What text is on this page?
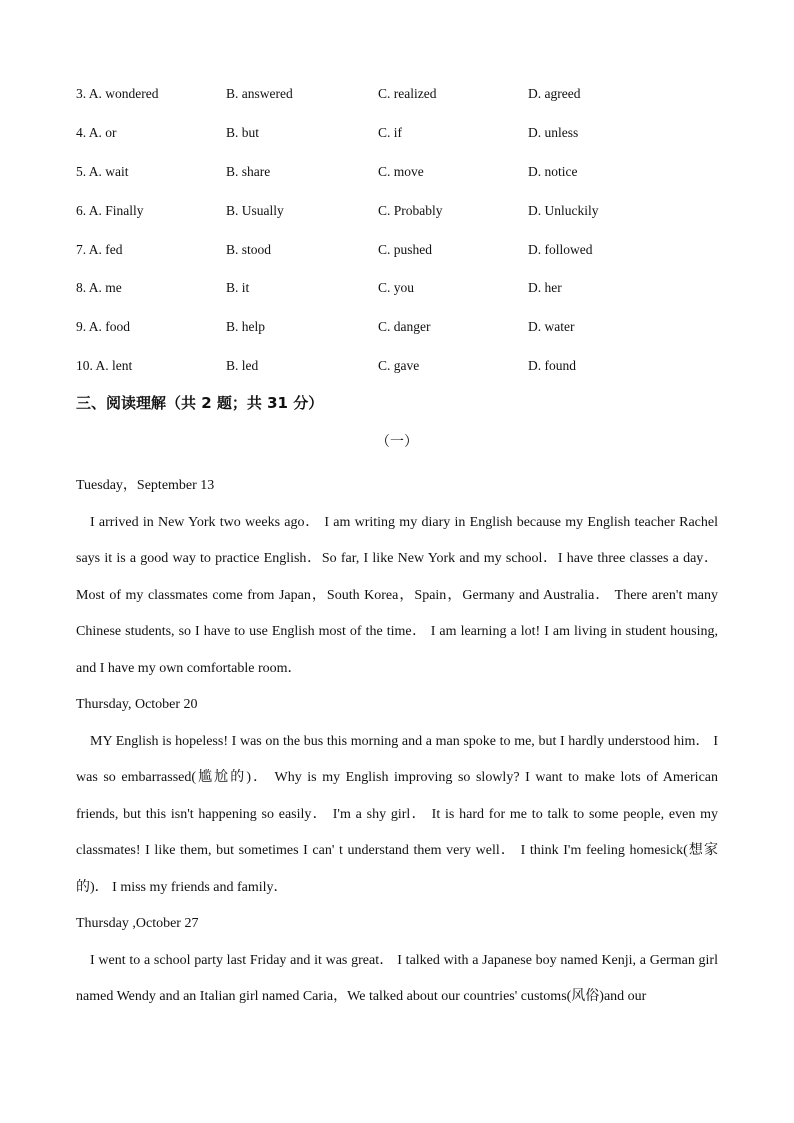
3. A. wondered	B. answered	C. realized	D. agreed
4. A. or	B. but	C. if	D. unless
5. A. wait	B. share	C. move	D. notice
6. A. Finally	B. Usually	C. Probably	D. Unluckily
7. A. fed	B. stood	C. pushed	D. followed
8. A. me	B. it	C. you	D. her
9. A. food	B. help	C. danger	D. water
10. A. lent	B. led	C. gave	D. found
三、阅读理解（共 2 题；共 31 分）
（一）
Tuesday，September 13

I arrived in New York two weeks ago． I am writing my diary in English because my English teacher Rachel says it is a good way to practice English．So far, I like New York and my school．I have three classes a day．Most of my classmates come from Japan，South Korea，Spain，Germany and Australia． There aren't many Chinese students, so I have to use English most of the time． I am learning a lot! I am living in student housing, and I have my own comfortable room．

Thursday, October 20

MY English is hopeless! I was on the bus this morning and a man spoke to me, but I hardly understood him． I was so embarrassed(尴尬的)． Why is my English improving so slowly? I want to make lots of American friends, but this isn't happening so easily． I'm a shy girl． It is hard for me to talk to some people, even my classmates! I like them, but sometimes I can' t understand them very well． I think I'm feeling homesick(想家的)． I miss my friends and family．

Thursday ,October 27

I went to a school party last Friday and it was great． I talked with a Japanese boy named Kenji, a German girl named Wendy and an Italian girl named Caria，We talked about our countries' customs(风俗)and our
